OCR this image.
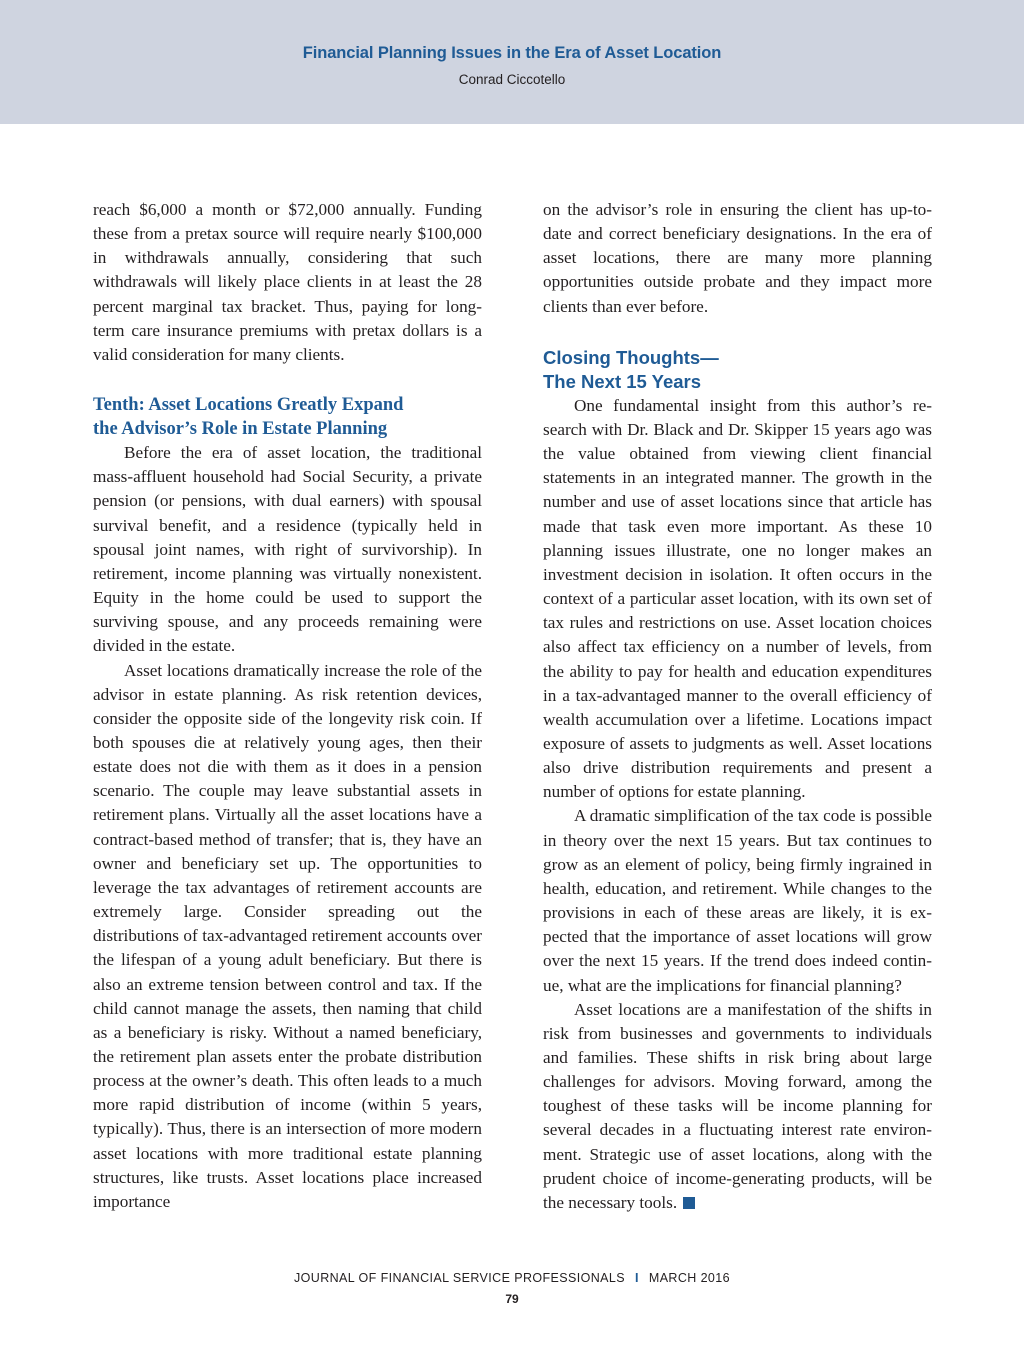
Financial Planning Issues in the Era of Asset Location
Conrad Ciccotello

reach $6,000 a month or $72,000 annually. Funding these from a pretax source will require nearly $100,000 in withdrawals annually, considering that such withdrawals will likely place clients in at least the 28 percent marginal tax bracket. Thus, paying for long-term care insurance premiums with pretax dollars is a valid consideration for many clients.

Tenth: Asset Locations Greatly Expand
the Advisor’s Role in Estate Planning

Before the era of asset location, the traditional mass-affluent household had Social Security, a private pension (or pensions, with dual earners) with spousal survival benefit, and a residence (typically held in spousal joint names, with right of survivorship). In retirement, income planning was virtually nonexistent. Equity in the home could be used to support the surviving spouse, and any proceeds remaining were divided in the estate.

Asset locations dramatically increase the role of the advisor in estate planning. As risk retention devices, consider the opposite side of the longevity risk coin. If both spouses die at relatively young ages, then their estate does not die with them as it does in a pension scenario. The couple may leave substantial assets in retirement plans. Virtually all the asset locations have a contract-based method of transfer; that is, they have an owner and beneficiary set up. The opportunities to leverage the tax advantages of retirement accounts are extremely large. Consider spreading out the distributions of tax-advantaged retirement accounts over the lifespan of a young adult beneficiary. But there is also an extreme tension between control and tax. If the child cannot manage the assets, then naming that child as a beneficiary is risky. Without a named beneficiary, the retirement plan assets enter the probate distribution process at the owner’s death. This often leads to a much more rapid distribution of income (within 5 years, typically). Thus, there is an intersection of more modern asset locations with more traditional estate planning structures, like trusts. Asset locations place increased importance

on the advisor’s role in ensuring the client has up-to-date and correct beneficiary designations. In the era of asset locations, there are many more planning opportunities outside probate and they impact more clients than ever before.

Closing Thoughts—
The Next 15 Years

One fundamental insight from this author’s research with Dr. Black and Dr. Skipper 15 years ago was the value obtained from viewing client financial statements in an integrated manner. The growth in the number and use of asset locations since that article has made that task even more important. As these 10 planning issues illustrate, one no longer makes an investment decision in isolation. It often occurs in the context of a particular asset location, with its own set of tax rules and restrictions on use. Asset location choices also affect tax efficiency on a number of levels, from the ability to pay for health and education expenditures in a tax-advantaged manner to the overall efficiency of wealth accumulation over a lifetime. Locations impact exposure of assets to judgments as well. Asset locations also drive distribution requirements and present a number of options for estate planning.

A dramatic simplification of the tax code is possible in theory over the next 15 years. But tax continues to grow as an element of policy, being firmly ingrained in health, education, and retirement. While changes to the provisions in each of these areas are likely, it is expected that the importance of asset locations will grow over the next 15 years. If the trend does indeed continue, what are the implications for financial planning?

Asset locations are a manifestation of the shifts in risk from businesses and governments to individuals and families. These shifts in risk bring about large challenges for advisors. Moving forward, among the toughest of these tasks will be income planning for several decades in a fluctuating interest rate environment. Strategic use of asset locations, along with the prudent choice of income-generating products, will be the necessary tools.

JOURNAL OF FINANCIAL SERVICE PROFESSIONALS I MARCH 2016
79
